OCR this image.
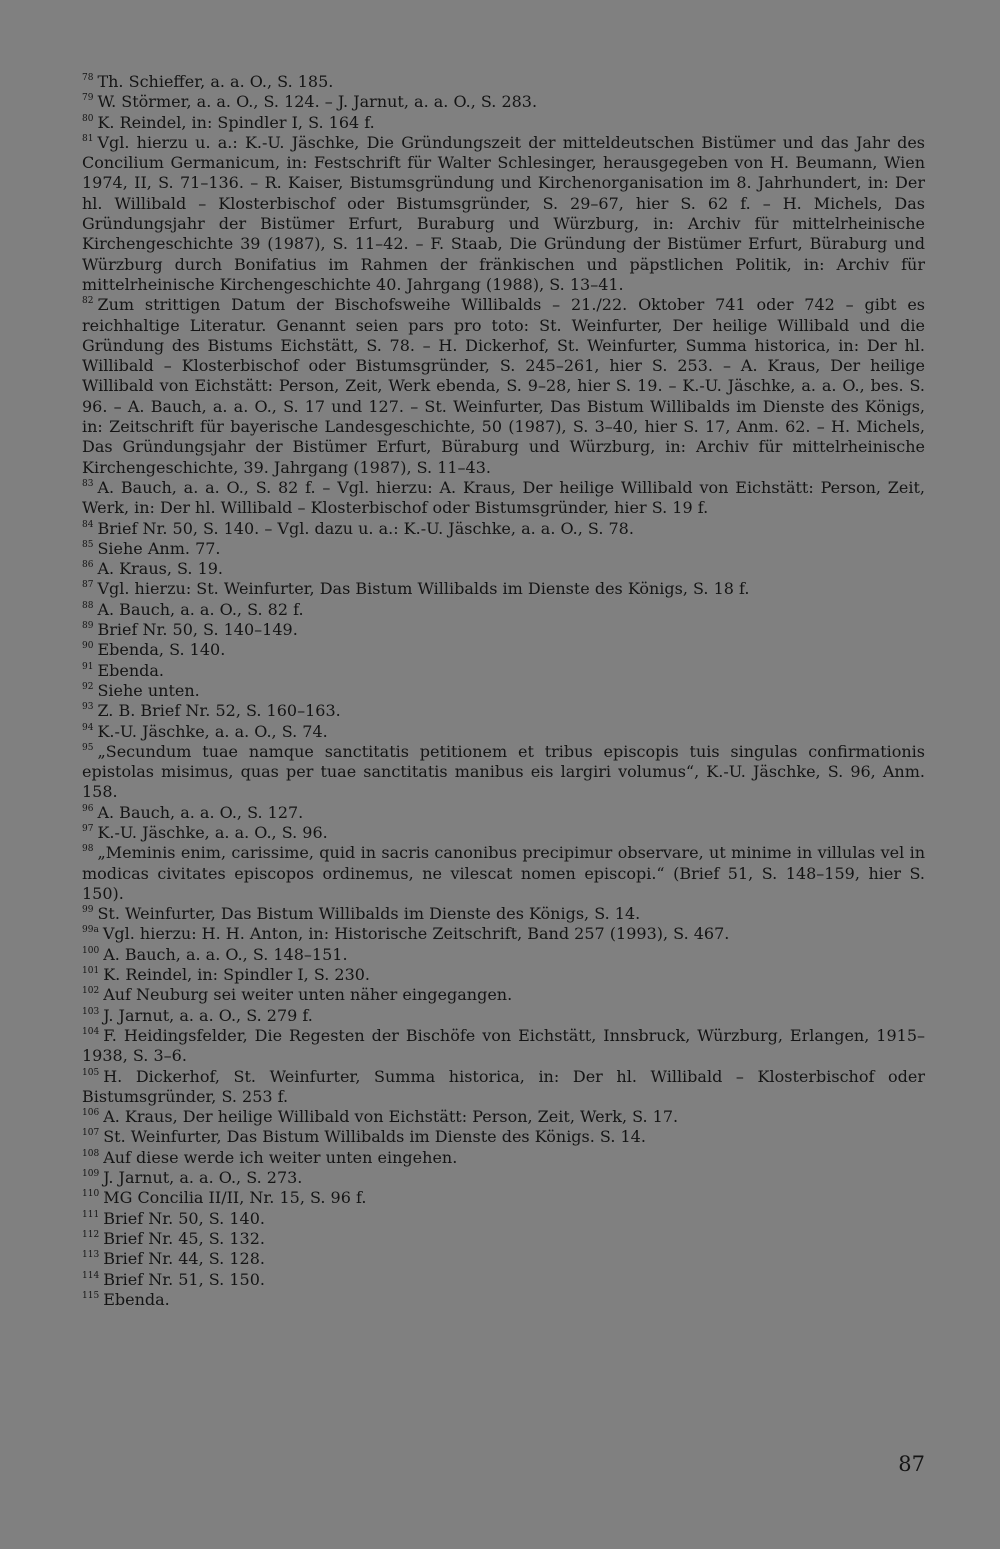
$^{78}$ Th. Schieffer, a. a. O., S. 185.

$^{79}$ W. Störmer, a. a. O., S. 124. – J. Jarnut, a. a. O., S. 283.

$^{80}$ K. Reindel, in: Spindler I, S. 164 f.

$^{81}$ Vgl. hierzu u. a.: K.-U. Jäschke, Die Gründungszeit der mitteldeutschen Bistümer und das Jahr des Concilium Germanicum, in: Festschrift für Walter Schlesinger, herausgegeben von H. Beumann, Wien 1974, II, S. 71–136. – R. Kaiser, Bistumsgründung und Kirchenorganisation im 8. Jahrhundert, in: Der hl. Willibald – Klosterbischof oder Bistumsgründer, S. 29–67, hier S. 62 f. – H. Michels, Das Gründungsjahr der Bistümer Erfurt, Buraburg und Würzburg, in: Archiv für mittelrheinische Kirchengeschichte 39 (1987), S. 11–42. – F. Staab, Die Gründung der Bistümer Erfurt, Büraburg und Würzburg durch Bonifatius im Rahmen der fränkischen und päpstlichen Politik, in: Archiv für mittelrheinische Kirchengeschichte 40. Jahrgang (1988), S. 13–41.

$^{82}$ Zum strittigen Datum der Bischofsweihe Willibalds – 21./22. Oktober 741 oder 742 – gibt es reichhaltige Literatur. Genannt seien pars pro toto: St. Weinfurter, Der heilige Willibald und die Gründung des Bistums Eichstätt, S. 78. – H. Dickerhof, St. Weinfurter, Summa historica, in: Der hl. Willibald – Klosterbischof oder Bistumsgründer, S. 245–261, hier S. 253. – A. Kraus, Der heilige Willibald von Eichstätt: Person, Zeit, Werk ebenda, S. 9–28, hier S. 19. – K.-U. Jäschke, a. a. O., bes. S. 96. – A. Bauch, a. a. O., S. 17 und 127. – St. Weinfurter, Das Bistum Willibalds im Dienste des Königs, in: Zeitschrift für bayerische Landesgeschichte, 50 (1987), S. 3–40, hier S. 17, Anm. 62. – H. Michels, Das Gründungsjahr der Bistümer Erfurt, Büraburg und Würzburg, in: Archiv für mittelrheinische Kirchengeschichte, 39. Jahrgang (1987), S. 11–43.

$^{83}$ A. Bauch, a. a. O., S. 82 f. – Vgl. hierzu: A. Kraus, Der heilige Willibald von Eichstätt: Person, Zeit, Werk, in: Der hl. Willibald – Klosterbischof oder Bistumsgründer, hier S. 19 f.

$^{84}$ Brief Nr. 50, S. 140. – Vgl. dazu u. a.: K.-U. Jäschke, a. a. O., S. 78.

$^{85}$ Siehe Anm. 77.

$^{86}$ A. Kraus, S. 19.

$^{87}$ Vgl. hierzu: St. Weinfurter, Das Bistum Willibalds im Dienste des Königs, S. 18 f.

$^{88}$ A. Bauch, a. a. O., S. 82 f.

$^{89}$ Brief Nr. 50, S. 140–149.

$^{90}$ Ebenda, S. 140.

$^{91}$ Ebenda.

$^{92}$ Siehe unten.

$^{93}$ Z. B. Brief Nr. 52, S. 160–163.

$^{94}$ K.-U. Jäschke, a. a. O., S. 74.

$^{95}$ „Secundum tuae namque sanctitatis petitionem et tribus episcopis tuis singulas confirmationis epistolas misimus, quas per tuae sanctitatis manibus eis largiri volumus“, K.-U. Jäschke, S. 96, Anm. 158.

$^{96}$ A. Bauch, a. a. O., S. 127.

$^{97}$ K.-U. Jäschke, a. a. O., S. 96.

$^{98}$ „Meminis enim, carissime, quid in sacris canonibus precipimur observare, ut minime in villulas vel in modicas civitates episcopos ordinemus, ne vilescat nomen episcopi.“ (Brief 51, S. 148–159, hier S. 150).

$^{99}$ St. Weinfurter, Das Bistum Willibalds im Dienste des Königs, S. 14.

$^{99a}$ Vgl. hierzu: H. H. Anton, in: Historische Zeitschrift, Band 257 (1993), S. 467.

$^{100}$ A. Bauch, a. a. O., S. 148–151.

$^{101}$ K. Reindel, in: Spindler I, S. 230.

$^{102}$ Auf Neuburg sei weiter unten näher eingegangen.

$^{103}$ J. Jarnut, a. a. O., S. 279 f.

$^{104}$ F. Heidingsfelder, Die Regesten der Bischöfe von Eichstätt, Innsbruck, Würzburg, Erlangen, 1915–1938, S. 3–6.

$^{105}$ H. Dickerhof, St. Weinfurter, Summa historica, in: Der hl. Willibald – Klosterbischof oder Bistumsgründer, S. 253 f.

$^{106}$ A. Kraus, Der heilige Willibald von Eichstätt: Person, Zeit, Werk, S. 17.

$^{107}$ St. Weinfurter, Das Bistum Willibalds im Dienste des Königs. S. 14.

$^{108}$ Auf diese werde ich weiter unten eingehen.

$^{109}$ J. Jarnut, a. a. O., S. 273.

$^{110}$ MG Concilia II/II, Nr. 15, S. 96 f.

$^{111}$ Brief Nr. 50, S. 140.

$^{112}$ Brief Nr. 45, S. 132.

$^{113}$ Brief Nr. 44, S. 128.

$^{114}$ Brief Nr. 51, S. 150.

$^{115}$ Ebenda.

87
